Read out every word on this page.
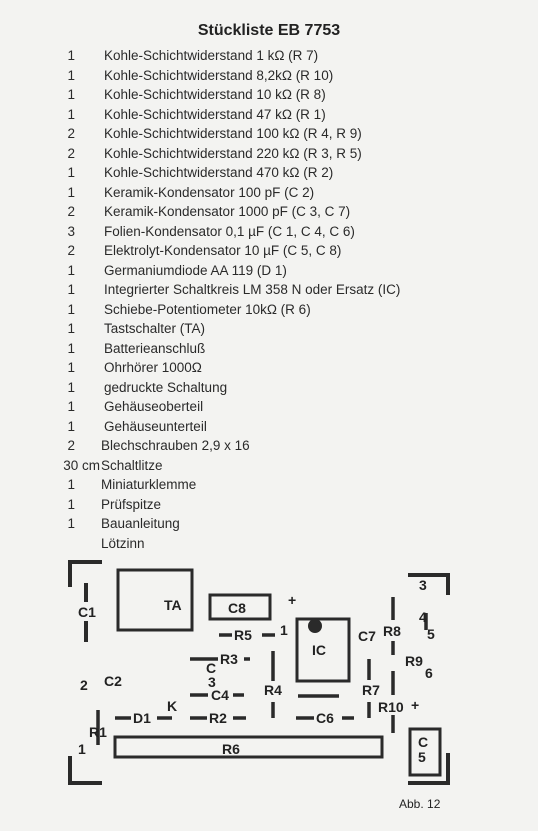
Stückliste EB 7753
1 Kohle-Schichtwiderstand 1 kΩ (R 7)
1 Kohle-Schichtwiderstand 8,2kΩ (R 10)
1 Kohle-Schichtwiderstand 10 kΩ (R 8)
1 Kohle-Schichtwiderstand 47 kΩ (R 1)
2 Kohle-Schichtwiderstand 100 kΩ (R 4, R 9)
2 Kohle-Schichtwiderstand 220 kΩ (R 3, R 5)
1 Kohle-Schichtwiderstand 470 kΩ (R 2)
1 Keramik-Kondensator 100 pF (C 2)
2 Keramik-Kondensator 1000 pF (C 3, C 7)
3 Folien-Kondensator 0,1 µF (C 1, C 4, C 6)
2 Elektrolyt-Kondensator 10 µF (C 5, C 8)
1 Germaniumdiode AA 119 (D 1)
1 Integrierter Schaltkreis LM 358 N oder Ersatz (IC)
1 Schiebe-Potentiometer 10kΩ (R 6)
1 Tastschalter (TA)
1 Batterieanschluß
1 Ohrhörer 1000Ω
1 gedruckte Schaltung
1 Gehäuseoberteil
1 Gehäuseunterteil
2 Blechschrauben 2,9 x 16
30 cm Schaltlitze
1 Miniaturklemme
1 Prüfspitze
1 Bauanleitung
Lötzinn
C1	TA	C8	+
R5 1
IC
C7 R8
R3
C
3	R4
C4	R7
R9
C2
K
D1	R2	C6
R10 +
R1
R6	C
5
1
2
3
4
5
6
Abb. 12
